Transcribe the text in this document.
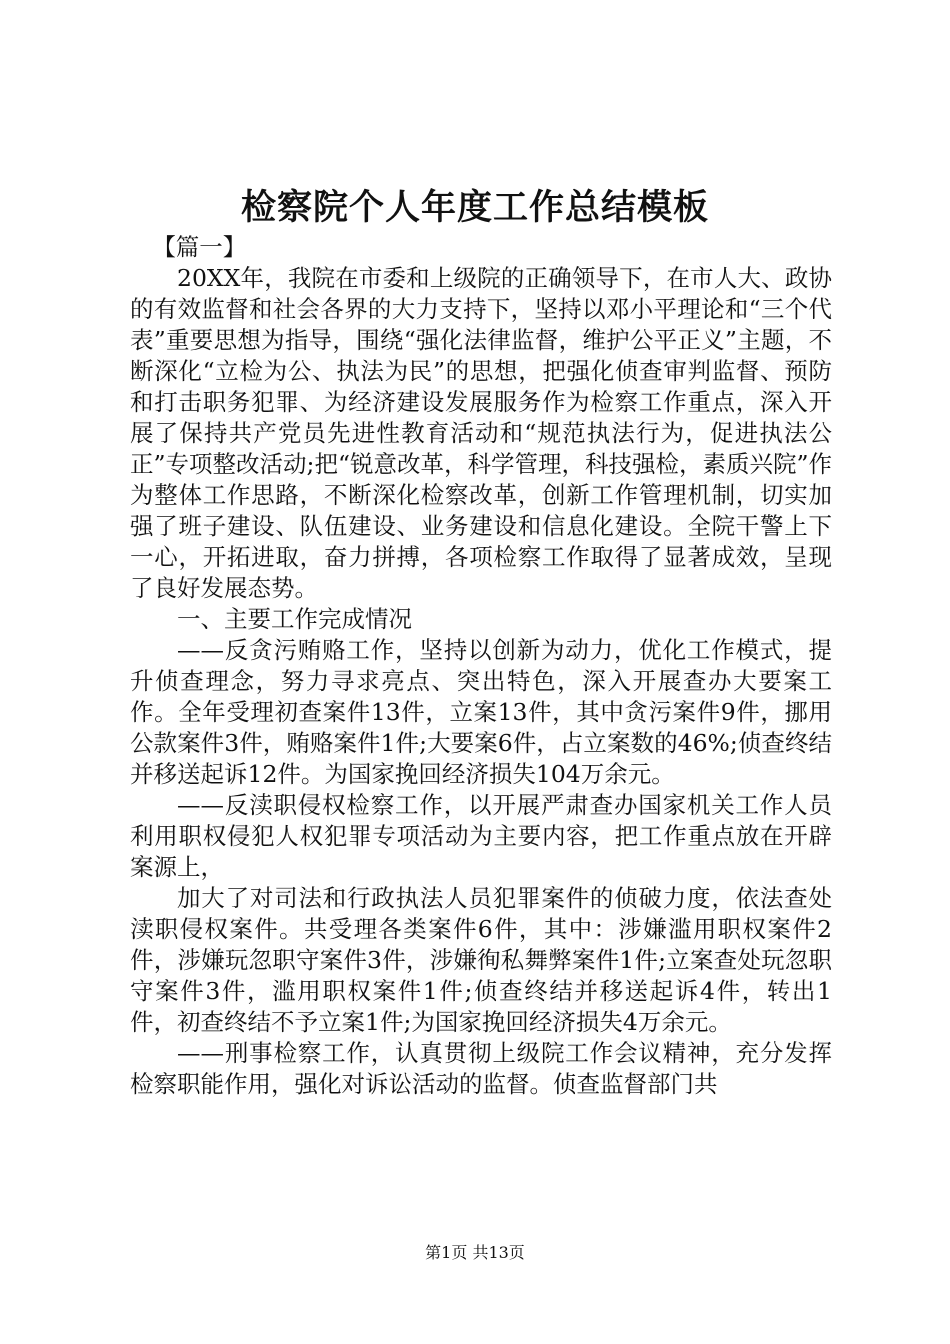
检察院个人年度工作总结模板

【篇一】

20XX年，我院在市委和上级院的正确领导下，在市人大、政协的有效监督和社会各界的大力支持下，坚持以邓小平理论和“三个代表”重要思想为指导，围绕“强化法律监督，维护公平正义”主题，不断深化“立检为公、执法为民”的思想，把强化侦查审判监督、预防和打击职务犯罪、为经济建设发展服务作为检察工作重点，深入开展了保持共产党员先进性教育活动和“规范执法行为，促进执法公正”专项整改活动;把“锐意改革，科学管理，科技强检，素质兴院”作为整体工作思路，不断深化检察改革，创新工作管理机制，切实加强了班子建设、队伍建设、业务建设和信息化建设。全院干警上下一心，开拓进取，奋力拼搏，各项检察工作取得了显著成效，呈现了良好发展态势。

一、主要工作完成情况

——反贪污贿赂工作，坚持以创新为动力，优化工作模式，提升侦查理念，努力寻求亮点、突出特色，深入开展查办大要案工作。全年受理初查案件13件，立案13件，其中贪污案件9件，挪用公款案件3件，贿赂案件1件;大要案6件，占立案数的46%;侦查终结并移送起诉12件。为国家挽回经济损失104万余元。

——反渎职侵权检察工作，以开展严肃查办国家机关工作人员利用职权侵犯人权犯罪专项活动为主要内容，把工作重点放在开辟案源上，

加大了对司法和行政执法人员犯罪案件的侦破力度，依法查处渎职侵权案件。共受理各类案件6件，其中：涉嫌滥用职权案件2件，涉嫌玩忽职守案件3件，涉嫌徇私舞弊案件1件;立案查处玩忽职守案件3件，滥用职权案件1件;侦查终结并移送起诉4件，转出1件，初查终结不予立案1件;为国家挽回经济损失4万余元。

——刑事检察工作，认真贯彻上级院工作会议精神，充分发挥检察职能作用，强化对诉讼活动的监督。侦查监督部门共

第1页 共13页
